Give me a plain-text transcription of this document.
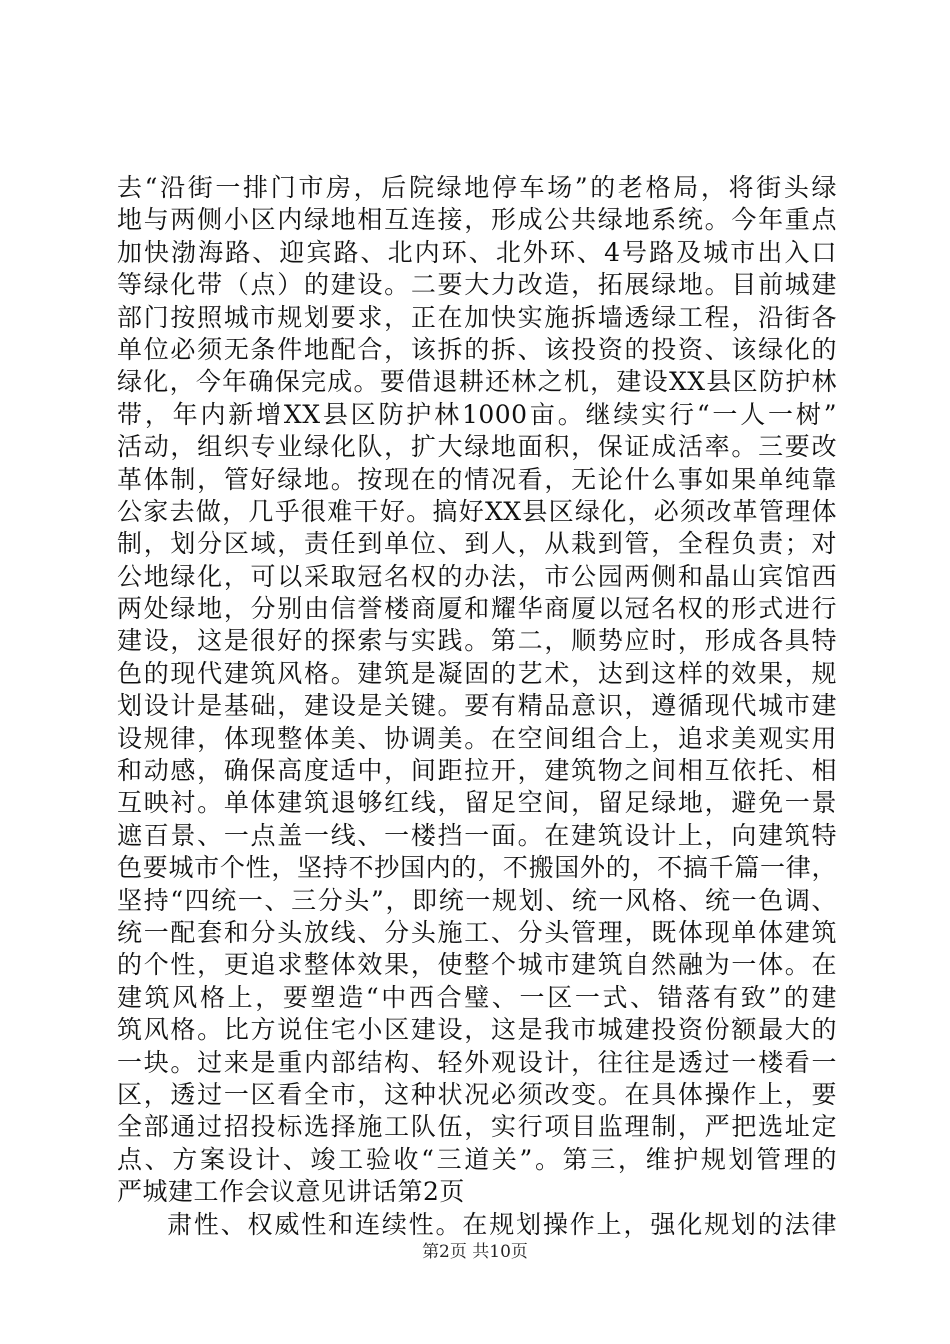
去“沿街一排门市房，后院绿地停车场”的老格局，将街头绿
地与两侧小区内绿地相互连接，形成公共绿地系统。今年重点
加快渤海路、迎宾路、北内环、北外环、4号路及城市出入口
等绿化带（点）的建设。二要大力改造，拓展绿地。目前城建
部门按照城市规划要求，正在加快实施拆墙透绿工程，沿街各
单位必须无条件地配合，该拆的拆、该投资的投资、该绿化的
绿化，今年确保完成。要借退耕还林之机，建设XX县区防护林
带，年内新增XX县区防护林1000亩。继续实行“一人一树”
活动，组织专业绿化队，扩大绿地面积，保证成活率。三要改
革体制，管好绿地。按现在的情况看，无论什么事如果单纯靠
公家去做，几乎很难干好。搞好XX县区绿化，必须改革管理体
制，划分区域，责任到单位、到人，从栽到管，全程负责；对
公地绿化，可以采取冠名权的办法，市公园两侧和晶山宾馆西
两处绿地，分别由信誉楼商厦和耀华商厦以冠名权的形式进行
建设，这是很好的探索与实践。第二，顺势应时，形成各具特
色的现代建筑风格。建筑是凝固的艺术，达到这样的效果，规
划设计是基础，建设是关键。要有精品意识，遵循现代城市建
设规律，体现整体美、协调美。在空间组合上，追求美观实用
和动感，确保高度适中，间距拉开，建筑物之间相互依托、相
互映衬。单体建筑退够红线，留足空间，留足绿地，避免一景
遮百景、一点盖一线、一楼挡一面。在建筑设计上，向建筑特
色要城市个性，坚持不抄国内的，不搬国外的，不搞千篇一律，
坚持“四统一、三分头”，即统一规划、统一风格、统一色调、
统一配套和分头放线、分头施工、分头管理，既体现单体建筑
的个性，更追求整体效果，使整个城市建筑自然融为一体。在
建筑风格上，要塑造“中西合璧、一区一式、错落有致”的建
筑风格。比方说住宅小区建设，这是我市城建投资份额最大的
一块。过来是重内部结构、轻外观设计，往往是透过一楼看一
区，透过一区看全市，这种状况必须改变。在具体操作上，要
全部通过招投标选择施工队伍，实行项目监理制，严把选址定
点、方案设计、竣工验收“三道关”。第三，维护规划管理的
严城建工作会议意见讲话第2页
肃性、权威性和连续性。在规划操作上，强化规划的法律
第2页 共10页
